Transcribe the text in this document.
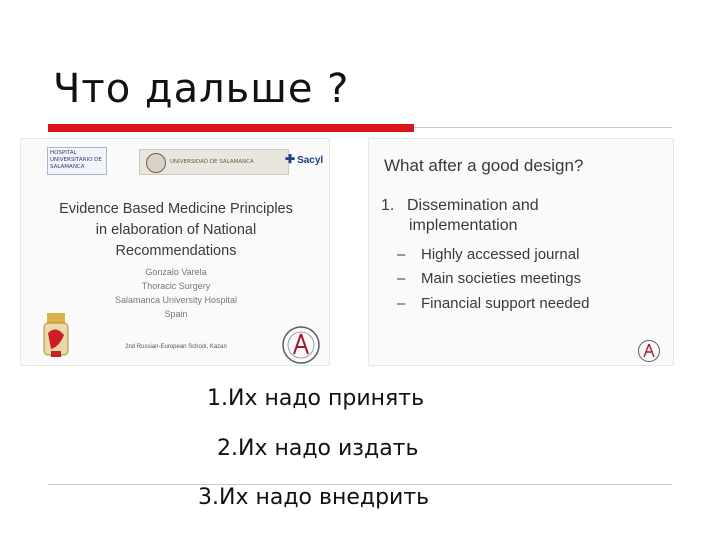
Что дальше ?
HOSPITAL UNIVERSITARIO DE SALAMANCA
UNIVERSIDAD DE SALAMANCA	✚ Sacyl
Evidence Based Medicine Principles
in elaboration of National
Recommendations
Gonzalo Varela
Thoracic Surgery
Salamanca University Hospital
Spain
2nd Russian-European School, Kazan
What after a good design?
1. Dissemination and
implementation
– Highly accessed journal
– Main societies meetings
– Financial support needed
1.Их надо принять
2.Их надо издать
3.Их надо внедрить
